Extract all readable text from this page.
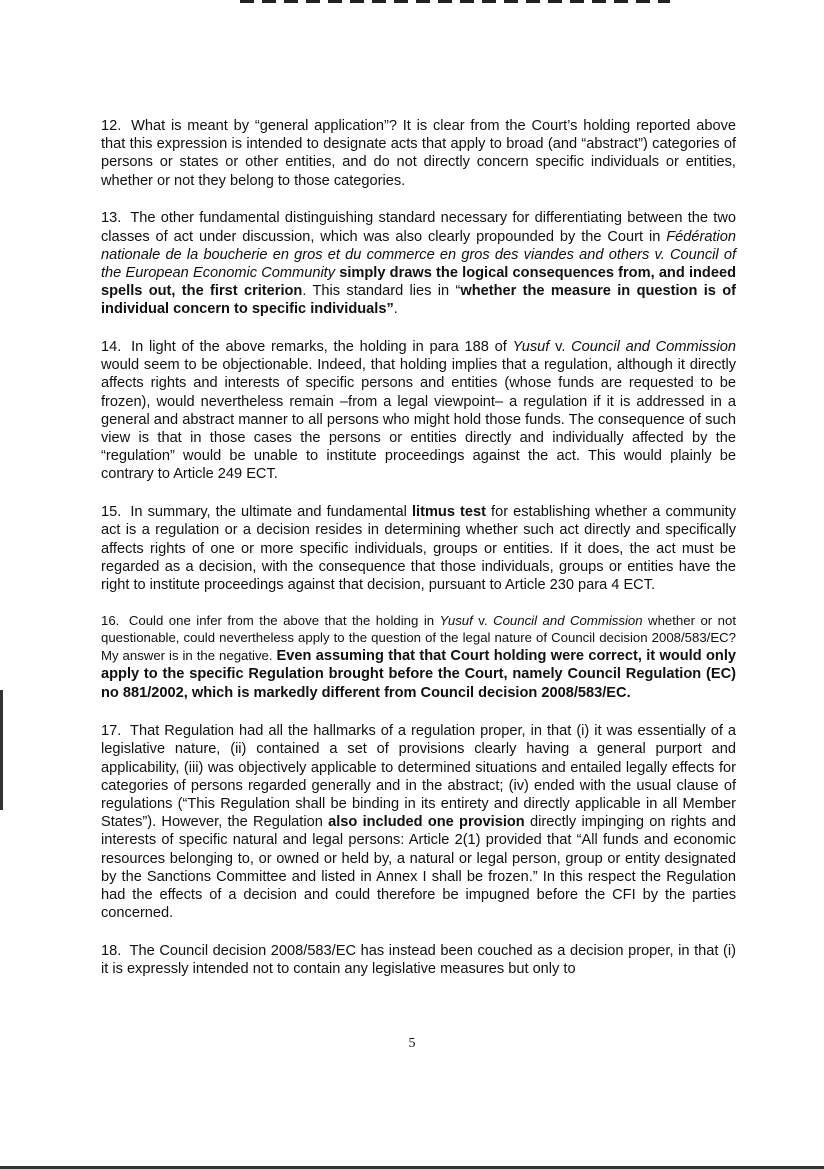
12. What is meant by “general application”? It is clear from the Court’s holding reported above that this expression is intended to designate acts that apply to broad (and “abstract”) categories of persons or states or other entities, and do not directly concern specific individuals or entities, whether or not they belong to those categories.

13. The other fundamental distinguishing standard necessary for differentiating between the two classes of act under discussion, which was also clearly propounded by the Court in Fédération nationale de la boucherie en gros et du commerce en gros des viandes and others v. Council of the European Economic Community simply draws the logical consequences from, and indeed spells out, the first criterion. This standard lies in “whether the measure in question is of individual concern to specific individuals”.

14. In light of the above remarks, the holding in para 188 of Yusuf v. Council and Commission would seem to be objectionable. Indeed, that holding implies that a regulation, although it directly affects rights and interests of specific persons and entities (whose funds are requested to be frozen), would nevertheless remain –from a legal viewpoint– a regulation if it is addressed in a general and abstract manner to all persons who might hold those funds. The consequence of such view is that in those cases the persons or entities directly and individually affected by the “regulation” would be unable to institute proceedings against the act. This would plainly be contrary to Article 249 ECT.

15. In summary, the ultimate and fundamental litmus test for establishing whether a community act is a regulation or a decision resides in determining whether such act directly and specifically affects rights of one or more specific individuals, groups or entities. If it does, the act must be regarded as a decision, with the consequence that those individuals, groups or entities have the right to institute proceedings against that decision, pursuant to Article 230 para 4 ECT.

16. Could one infer from the above that the holding in Yusuf v. Council and Commission whether or not questionable, could nevertheless apply to the question of the legal nature of Council decision 2008/583/EC? My answer is in the negative. Even assuming that that Court holding were correct, it would only apply to the specific Regulation brought before the Court, namely Council Regulation (EC) no 881/2002, which is markedly different from Council decision 2008/583/EC.

17. That Regulation had all the hallmarks of a regulation proper, in that (i) it was essentially of a legislative nature, (ii) contained a set of provisions clearly having a general purport and applicability, (iii) was objectively applicable to determined situations and entailed legally effects for categories of persons regarded generally and in the abstract; (iv) ended with the usual clause of regulations (“This Regulation shall be binding in its entirety and directly applicable in all Member States”). However, the Regulation also included one provision directly impinging on rights and interests of specific natural and legal persons: Article 2(1) provided that “All funds and economic resources belonging to, or owned or held by, a natural or legal person, group or entity designated by the Sanctions Committee and listed in Annex I shall be frozen.” In this respect the Regulation had the effects of a decision and could therefore be impugned before the CFI by the parties concerned.

18. The Council decision 2008/583/EC has instead been couched as a decision proper, in that (i) it is expressly intended not to contain any legislative measures but only to

5
